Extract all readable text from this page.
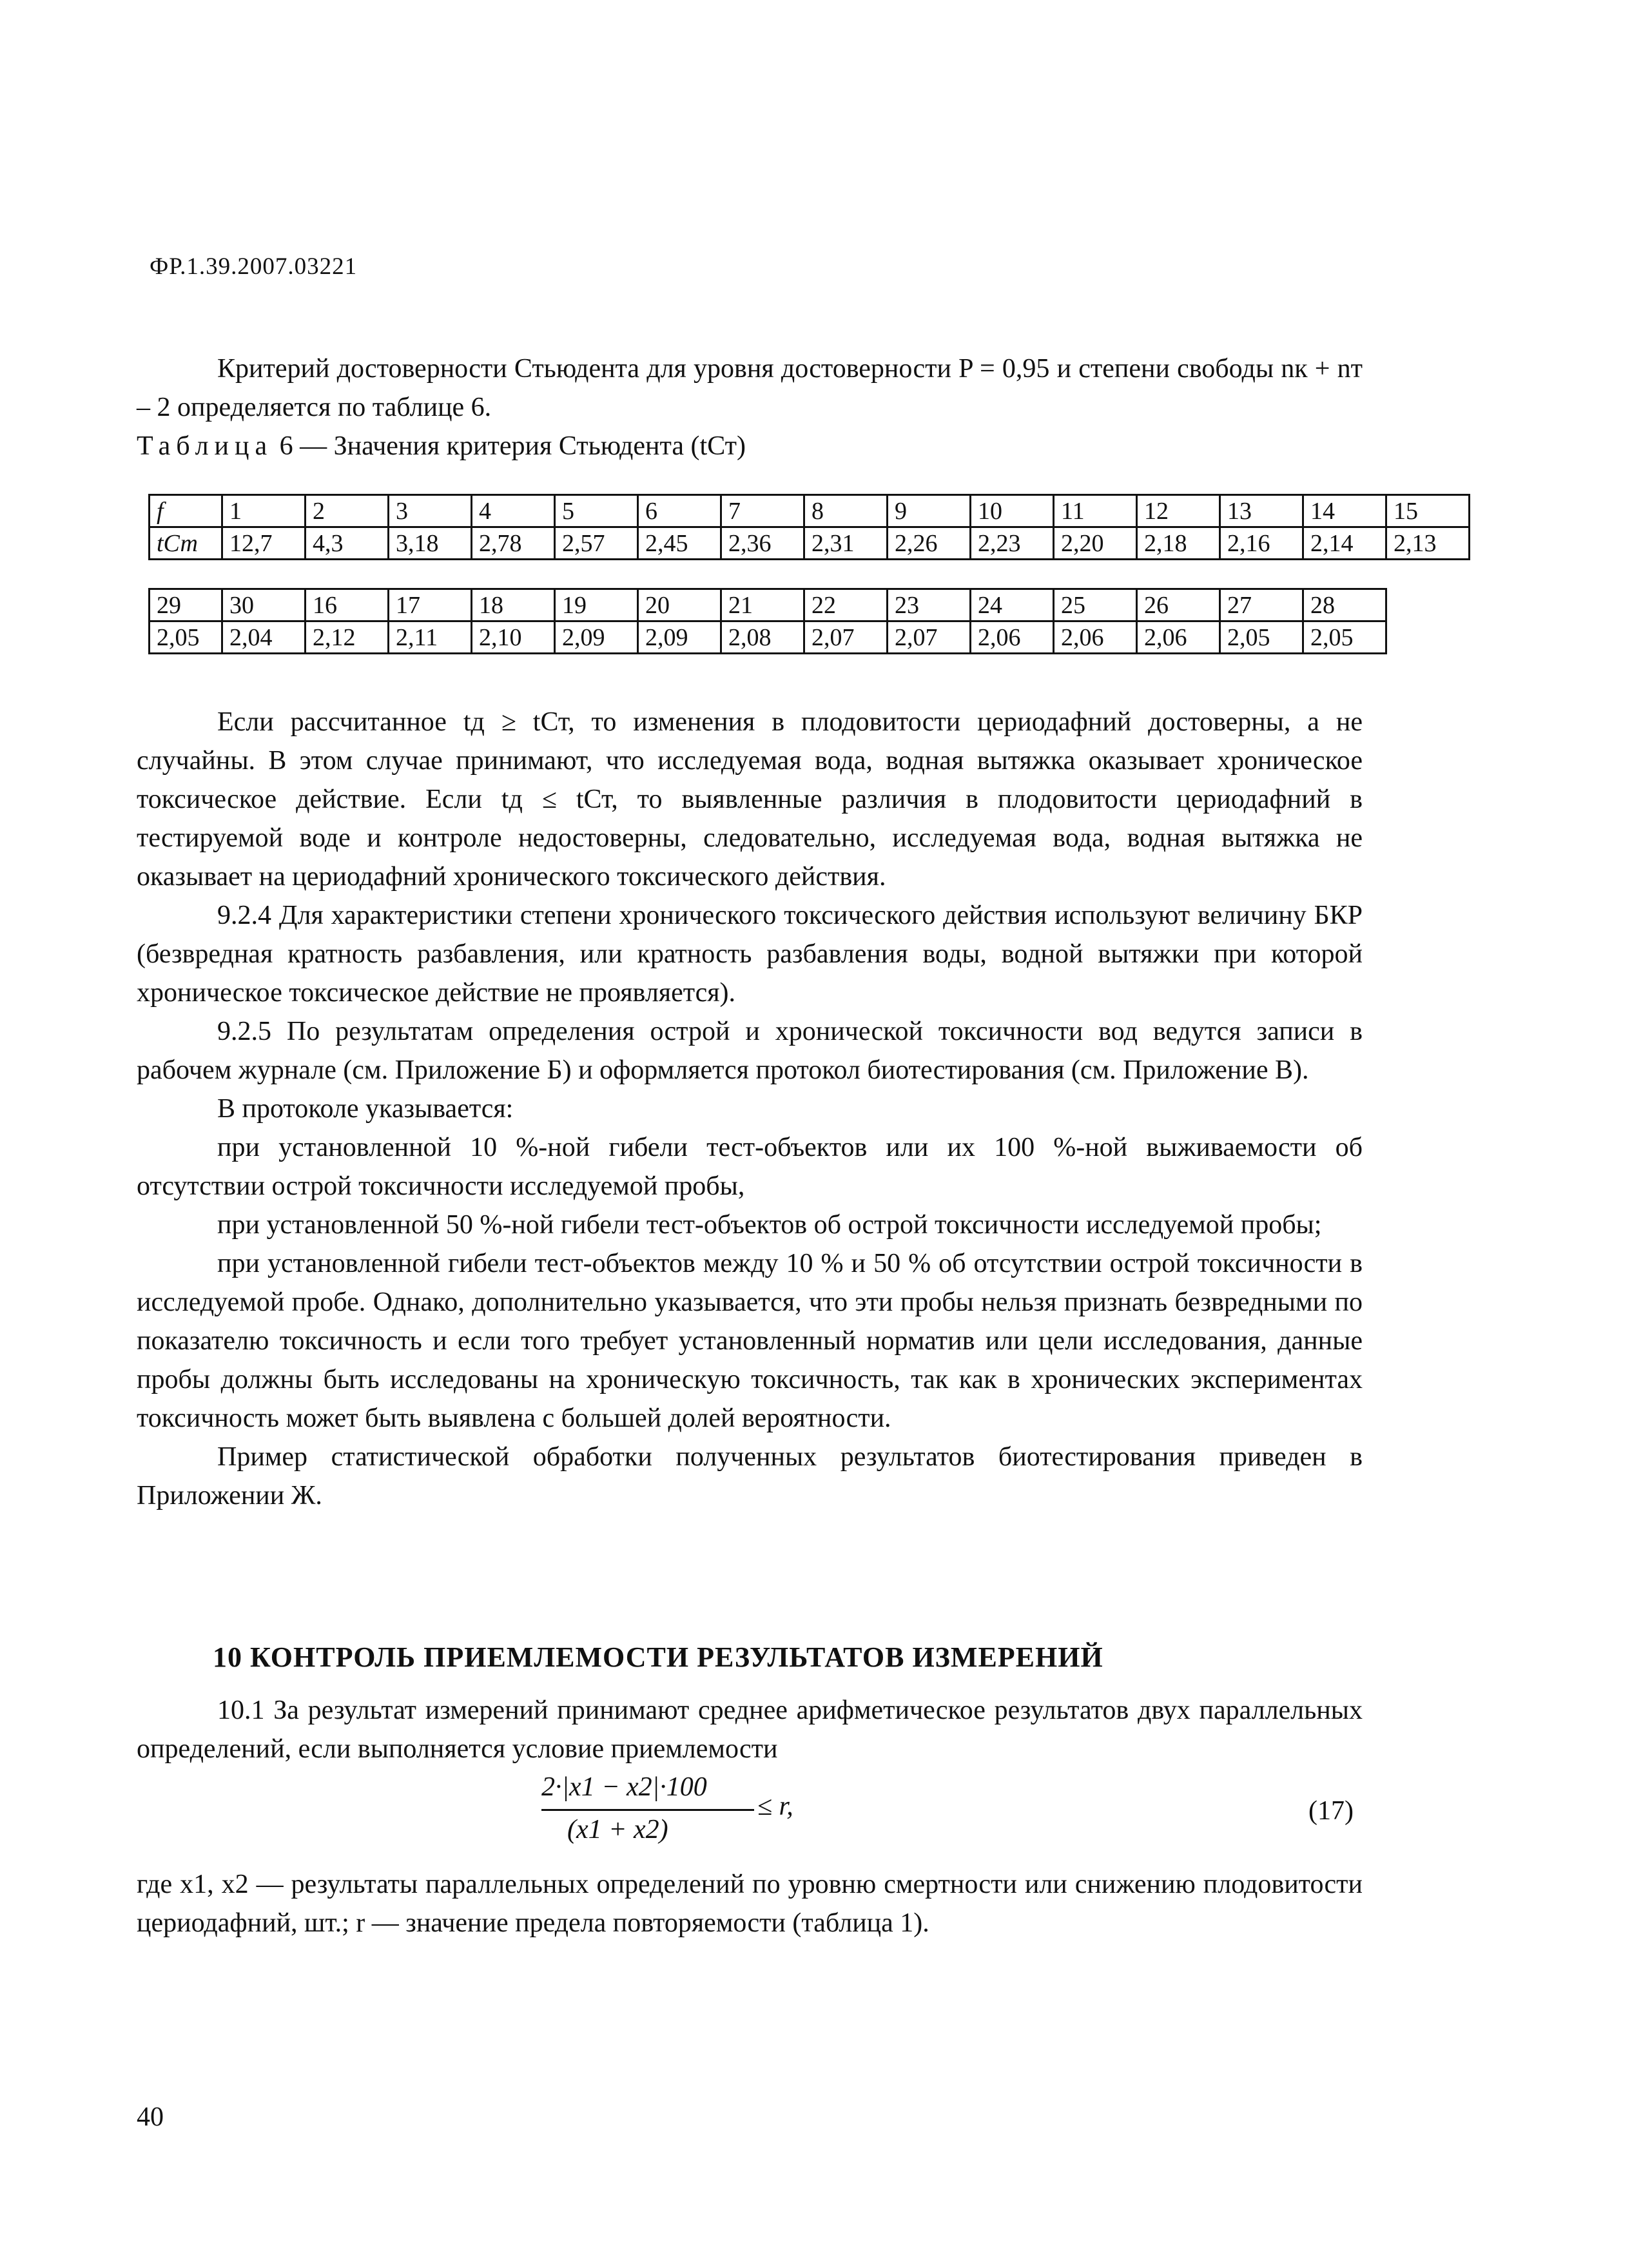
ФР.1.39.2007.03221

Критерий достоверности Стьюдента для уровня достоверности P = 0,95 и степени свободы nк + nт – 2 определяется по таблице 6.

Таблица 6 — Значения критерия Стьюдента (tСт)

f	1	2	3	4	5	6	7	8	9	10	11	12	13	14	15
tСт	12,7	4,3	3,18	2,78	2,57	2,45	2,36	2,31	2,26	2,23	2,20	2,18	2,16	2,14	2,13
29	30	16	17	18	19	20	21	22	23	24	25	26	27	28
2,05	2,04	2,12	2,11	2,10	2,09	2,09	2,08	2,07	2,07	2,06	2,06	2,06	2,05	2,05

Если рассчитанное tд ≥ tСт, то изменения в плодовитости цериодафний достоверны, а не случайны. В этом случае принимают, что исследуемая вода, водная вытяжка оказывает хроническое токсическое действие. Если tд ≤ tСт, то выявленные различия в плодовитости цериодафний в тестируемой воде и контроле недостоверны, следовательно, исследуемая вода, водная вытяжка не оказывает на цериодафний хронического токсического действия.

9.2.4 Для характеристики степени хронического токсического действия используют величину БКР (безвредная кратность разбавления, или кратность разбавления воды, водной вытяжки при которой хроническое токсическое действие не проявляется).

9.2.5 По результатам определения острой и хронической токсичности вод ведутся записи в рабочем журнале (см. Приложение Б) и оформляется протокол биотестирования (см. Приложение В).

В протоколе указывается:

при установленной 10 %-ной гибели тест-объектов или их 100 %-ной выживаемости об отсутствии острой токсичности исследуемой пробы,

при установленной 50 %-ной гибели тест-объектов об острой токсичности исследуемой пробы;

при установленной гибели тест-объектов между 10 % и 50 % об отсутствии острой токсичности в исследуемой пробе. Однако, дополнительно указывается, что эти пробы нельзя признать безвредными по показателю токсичность и если того требует установленный норматив или цели исследования, данные пробы должны быть исследованы на хроническую токсичность, так как в хронических экспериментах токсичность может быть выявлена с большей долей вероятности.

Пример статистической обработки полученных результатов биотестирования приведен в Приложении Ж.

10 КОНТРОЛЬ ПРИЕМЛЕМОСТИ РЕЗУЛЬТАТОВ ИЗМЕРЕНИЙ

10.1 За результат измерений принимают среднее арифметическое результатов двух параллельных определений, если выполняется условие приемлемости

2·|x1 − x2|·100
(x1 + x2)
≤ r,	(17)

где x1, x2 — результаты параллельных определений по уровню смертности или снижению плодовитости цериодафний, шт.; r — значение предела повторяемости (таблица 1).

40
